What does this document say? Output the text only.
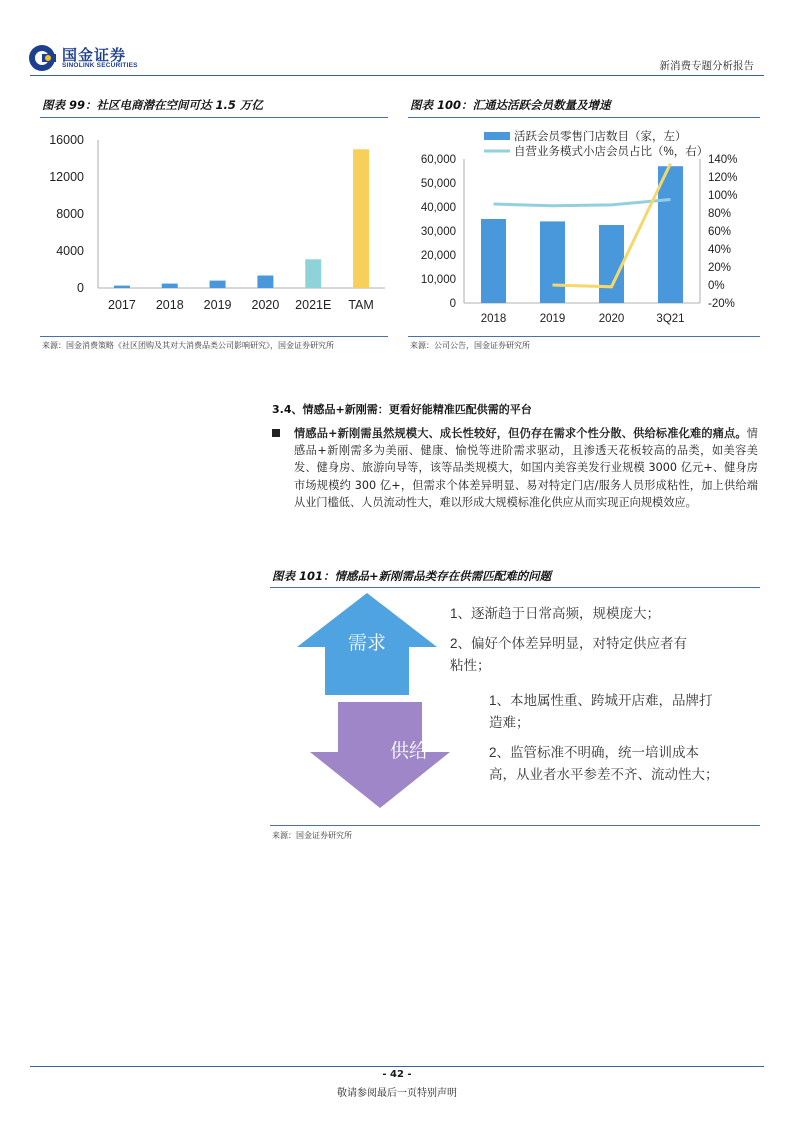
国金证券
SINOLINK SECURITIES	新消费专题分析报告
图表 99：社区电商潜在空间可达 1.5 万亿
0
4000
8000
12000
16000
2017 2018 2019 2020 2021E TAM
来源：国金消费策略《社区团购及其对大消费品类公司影响研究》，国金证券研究所
图表 100：汇通达活跃会员数量及增速
活跃会员零售门店数目（家，左）
自营业务模式小店会员占比（%，右）
0
10,000
20,000
30,000
40,000
50,000
60,000
-20%
0%
20%
40%
60%
80%
100%
120%
140%
2018	2019	2020	3Q21
来源：公司公告，国金证券研究所
3.4、情感品+新刚需：更看好能精准匹配供需的平台
情感品+新刚需虽然规模大、成长性较好，但仍存在需求个性分散、供给标准化难的痛点。情感品+新刚需多为美丽、健康、愉悦等进阶需求驱动，且渗透天花板较高的品类，如美容美发、健身房、旅游向导等，该等品类规模大，如国内美容美发行业规模 3000 亿元+、健身房市场规模约 300 亿+，但需求个体差异明显、易对特定门店/服务人员形成粘性，加上供给端从业门槛低、人员流动性大，难以形成大规模标准化供应从而实现正向规模效应。
图表 101：情感品+新刚需品类存在供需匹配难的问题
需求
供给
1、逐渐趋于日常高频，规模庞大；
2、偏好个体差异明显，对特定供应者有粘性；
1、本地属性重、跨城开店难，品牌打造难；
2、监管标准不明确，统一培训成本高，从业者水平参差不齐、流动性大；
来源：国金证券研究所
- 42 -
敬请参阅最后一页特别声明
